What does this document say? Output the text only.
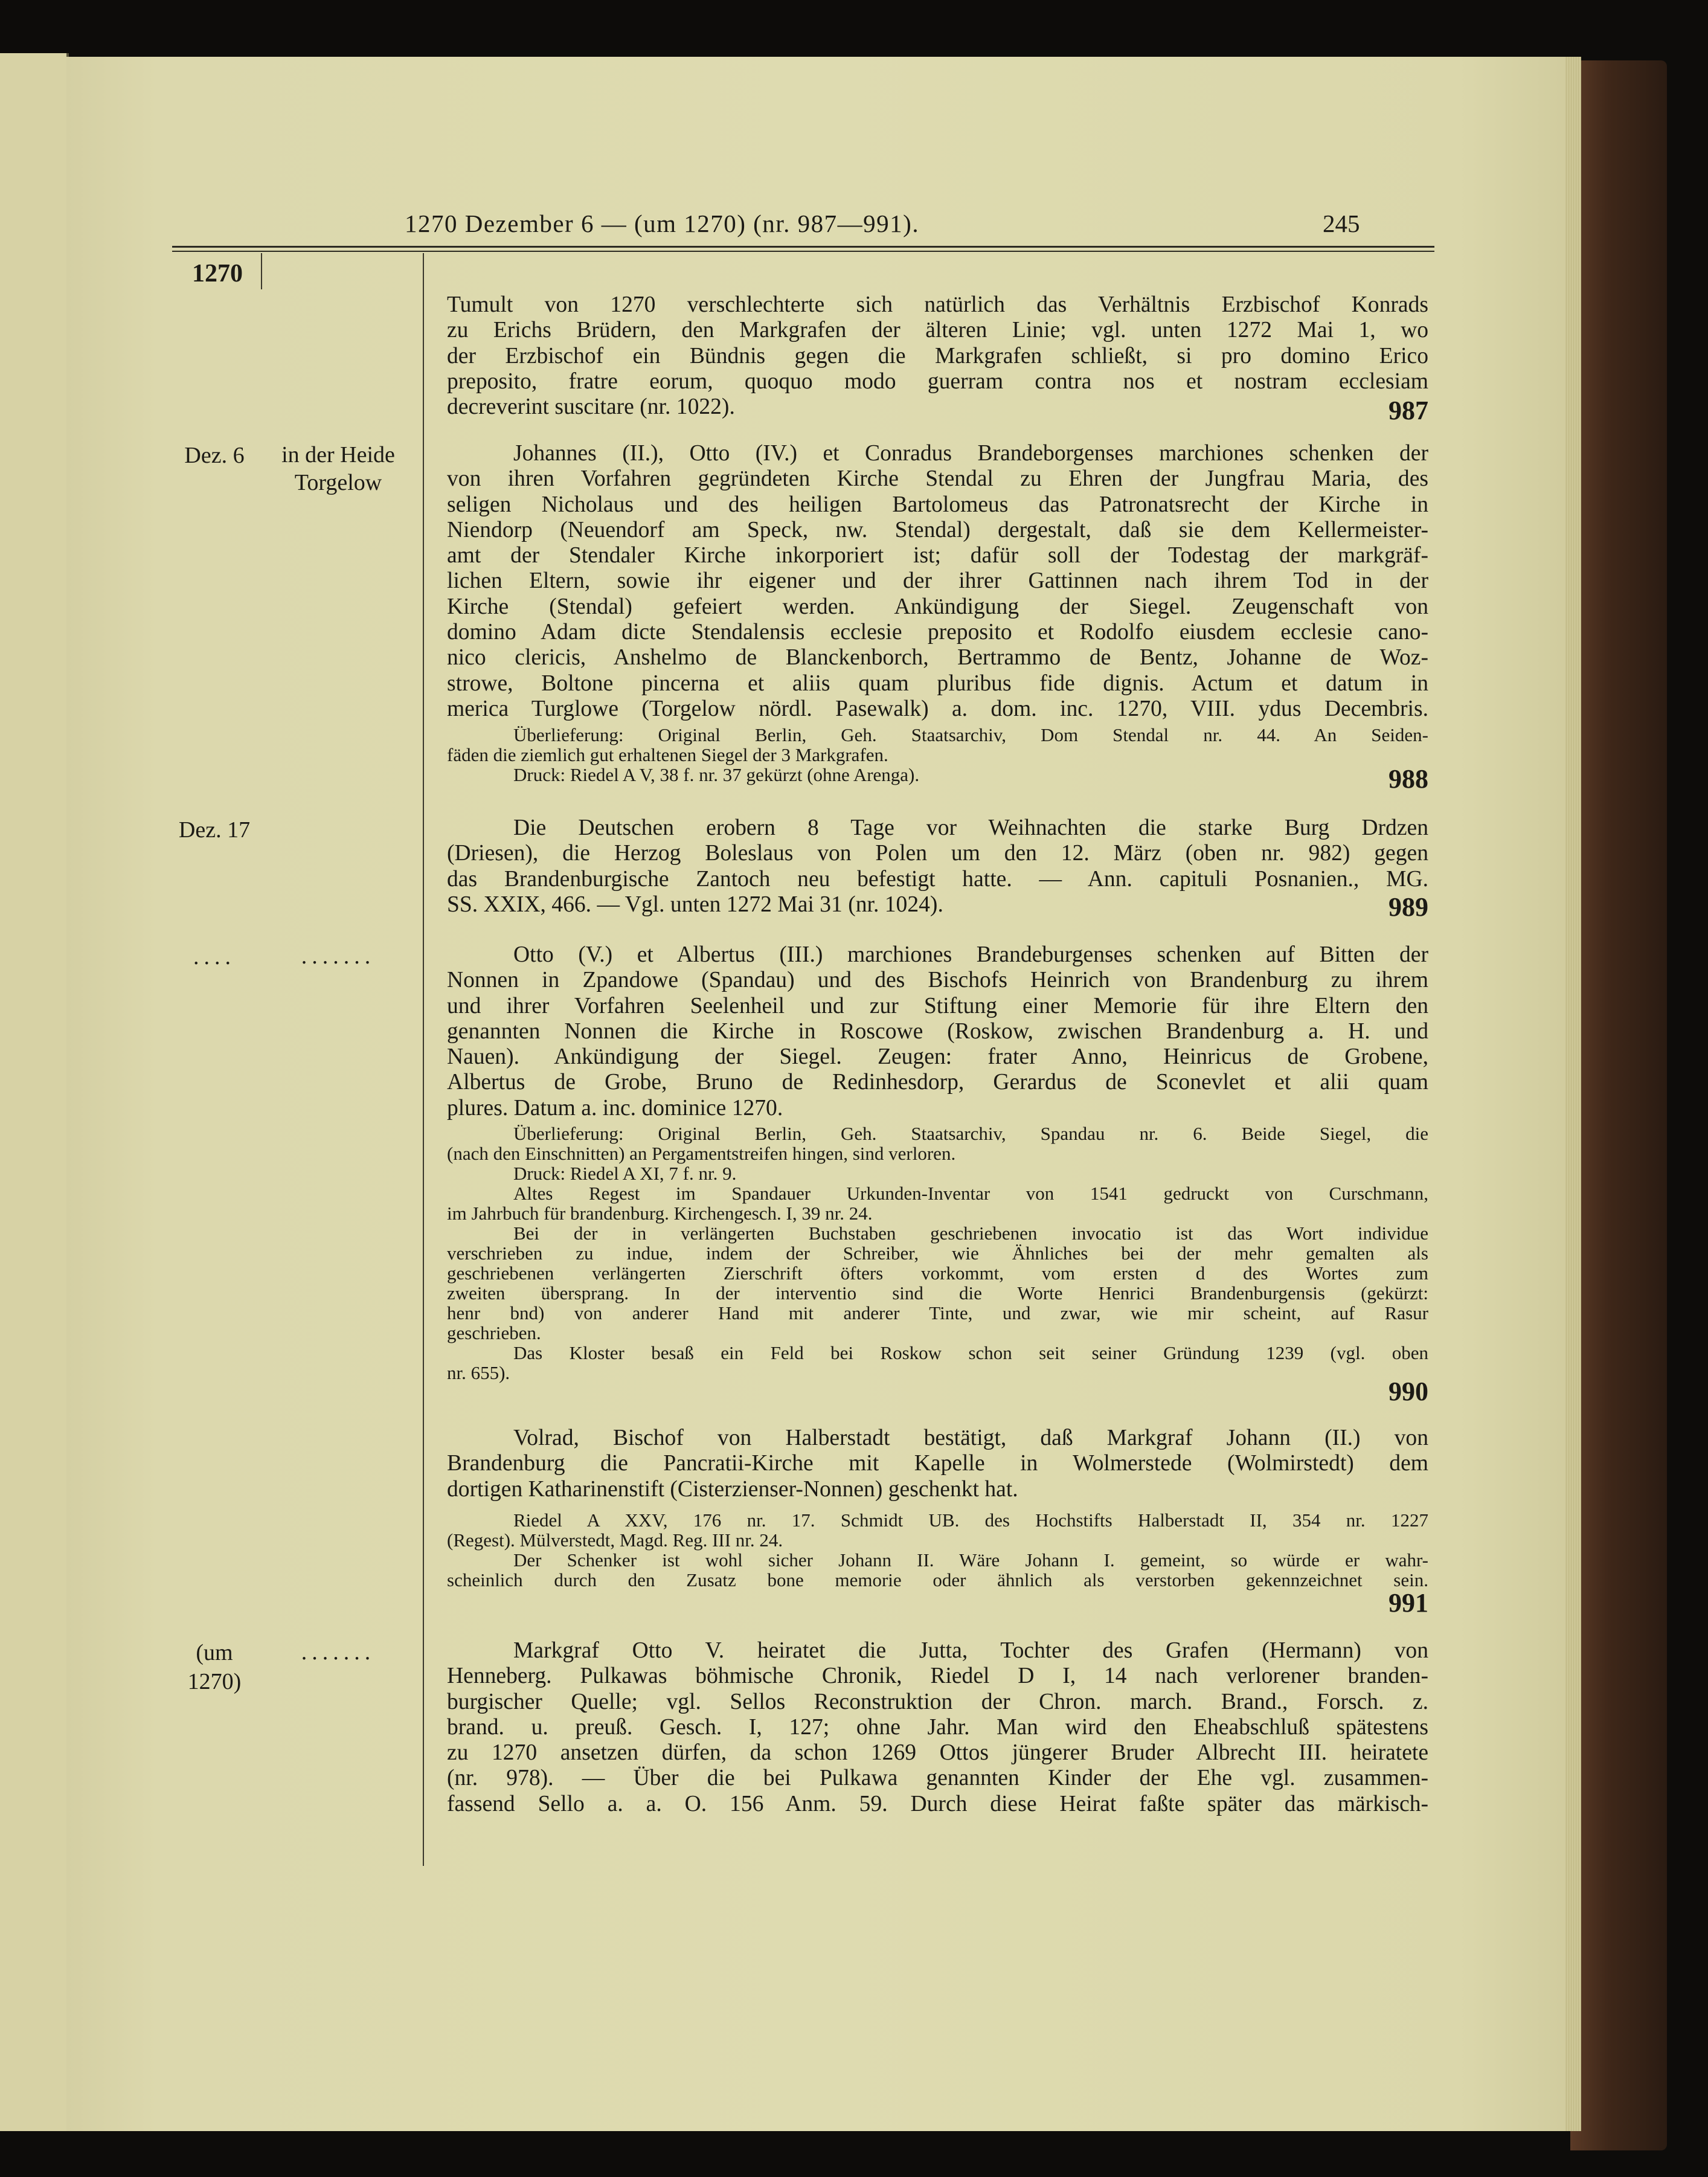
1270 Dezember 6 — (um 1270) (nr. 987—991).	245
1270

Tumult von 1270 verschlechterte sich natürlich das Verhältnis Erzbischof Konrads

zu Erichs Brüdern, den Markgrafen der älteren Linie; vgl. unten 1272 Mai 1, wo

der Erzbischof ein Bündnis gegen die Markgrafen schließt, si pro domino Erico

preposito, fratre eorum, quoquo modo guerram contra nos et nostram ecclesiam

decreverint suscitare (nr. 1022).	987
Dez. 6	in der Heide
Torgelow

Johannes (II.), Otto (IV.) et Conradus Brandeborgenses marchiones schenken der

von ihren Vorfahren gegründeten Kirche Stendal zu Ehren der Jungfrau Maria, des

seligen Nicholaus und des heiligen Bartolomeus das Patronatsrecht der Kirche in

Niendorp (Neuendorf am Speck, nw. Stendal) dergestalt, daß sie dem Kellermeister-

amt der Stendaler Kirche inkorporiert ist; dafür soll der Todestag der markgräf-

lichen Eltern, sowie ihr eigener und der ihrer Gattinnen nach ihrem Tod in der

Kirche (Stendal) gefeiert werden. Ankündigung der Siegel. Zeugenschaft von

domino Adam dicte Stendalensis ecclesie preposito et Rodolfo eiusdem ecclesie cano-

nico clericis, Anshelmo de Blanckenborch, Bertrammo de Bentz, Johanne de Woz-

strowe, Boltone pincerna et aliis quam pluribus fide dignis. Actum et datum in

merica Turglowe (Torgelow nördl. Pasewalk) a. dom. inc. 1270, VIII. ydus Decembris.

Überlieferung: Original Berlin, Geh. Staatsarchiv, Dom Stendal nr. 44. An Seiden-

fäden die ziemlich gut erhaltenen Siegel der 3 Markgrafen.

Druck: Riedel A V, 38 f. nr. 37 gekürzt (ohne Arenga).	988
Dez. 17	Die Deutschen erobern 8 Tage vor Weihnachten die starke Burg Drdzen

(Driesen), die Herzog Boleslaus von Polen um den 12. März (oben nr. 982) gegen

das Brandenburgische Zantoch neu befestigt hatte. — Ann. capituli Posnanien., MG.

SS. XXIX, 466. — Vgl. unten 1272 Mai 31 (nr. 1024).	989
....	.......	Otto (V.) et Albertus (III.) marchiones Brandeburgenses schenken auf Bitten der

Nonnen in Zpandowe (Spandau) und des Bischofs Heinrich von Brandenburg zu ihrem

und ihrer Vorfahren Seelenheil und zur Stiftung einer Memorie für ihre Eltern den

genannten Nonnen die Kirche in Roscowe (Roskow, zwischen Brandenburg a. H. und

Nauen). Ankündigung der Siegel. Zeugen: frater Anno, Heinricus de Grobene,

Albertus de Grobe, Bruno de Redinhesdorp, Gerardus de Sconevlet et alii quam

plures. Datum a. inc. dominice 1270.

Überlieferung: Original Berlin, Geh. Staatsarchiv, Spandau nr. 6. Beide Siegel, die

(nach den Einschnitten) an Pergamentstreifen hingen, sind verloren.

Druck: Riedel A XI, 7 f. nr. 9.

Altes Regest im Spandauer Urkunden-Inventar von 1541 gedruckt von Curschmann,

im Jahrbuch für brandenburg. Kirchengesch. I, 39 nr. 24.

Bei der in verlängerten Buchstaben geschriebenen invocatio ist das Wort individue

verschrieben zu indue, indem der Schreiber, wie Ähnliches bei der mehr gemalten als

geschriebenen verlängerten Zierschrift öfters vorkommt, vom ersten d des Wortes zum

zweiten übersprang. In der interventio sind die Worte Henrici Brandenburgensis (gekürzt:

henr bnd) von anderer Hand mit anderer Tinte, und zwar, wie mir scheint, auf Rasur

geschrieben.

Das Kloster besaß ein Feld bei Roskow schon seit seiner Gründung 1239 (vgl. oben

nr. 655).

990

Volrad, Bischof von Halberstadt bestätigt, daß Markgraf Johann (II.) von

Brandenburg die Pancratii-Kirche mit Kapelle in Wolmerstede (Wolmirstedt) dem

dortigen Katharinenstift (Cisterzienser-Nonnen) geschenkt hat.

Riedel A XXV, 176 nr. 17. Schmidt UB. des Hochstifts Halberstadt II, 354 nr. 1227

(Regest). Mülverstedt, Magd. Reg. III nr. 24.

Der Schenker ist wohl sicher Johann II. Wäre Johann I. gemeint, so würde er wahr-

scheinlich durch den Zusatz bone memorie oder ähnlich als verstorben gekennzeichnet sein.

991
(um
1270)
.......	Markgraf Otto V. heiratet die Jutta, Tochter des Grafen (Hermann) von

Henneberg. Pulkawas böhmische Chronik, Riedel D I, 14 nach verlorener branden-

burgischer Quelle; vgl. Sellos Reconstruktion der Chron. march. Brand., Forsch. z.

brand. u. preuß. Gesch. I, 127; ohne Jahr. Man wird den Eheabschluß spätestens

zu 1270 ansetzen dürfen, da schon 1269 Ottos jüngerer Bruder Albrecht III. heiratete

(nr. 978). — Über die bei Pulkawa genannten Kinder der Ehe vgl. zusammen-

fassend Sello a. a. O. 156 Anm. 59. Durch diese Heirat faßte später das märkisch-
